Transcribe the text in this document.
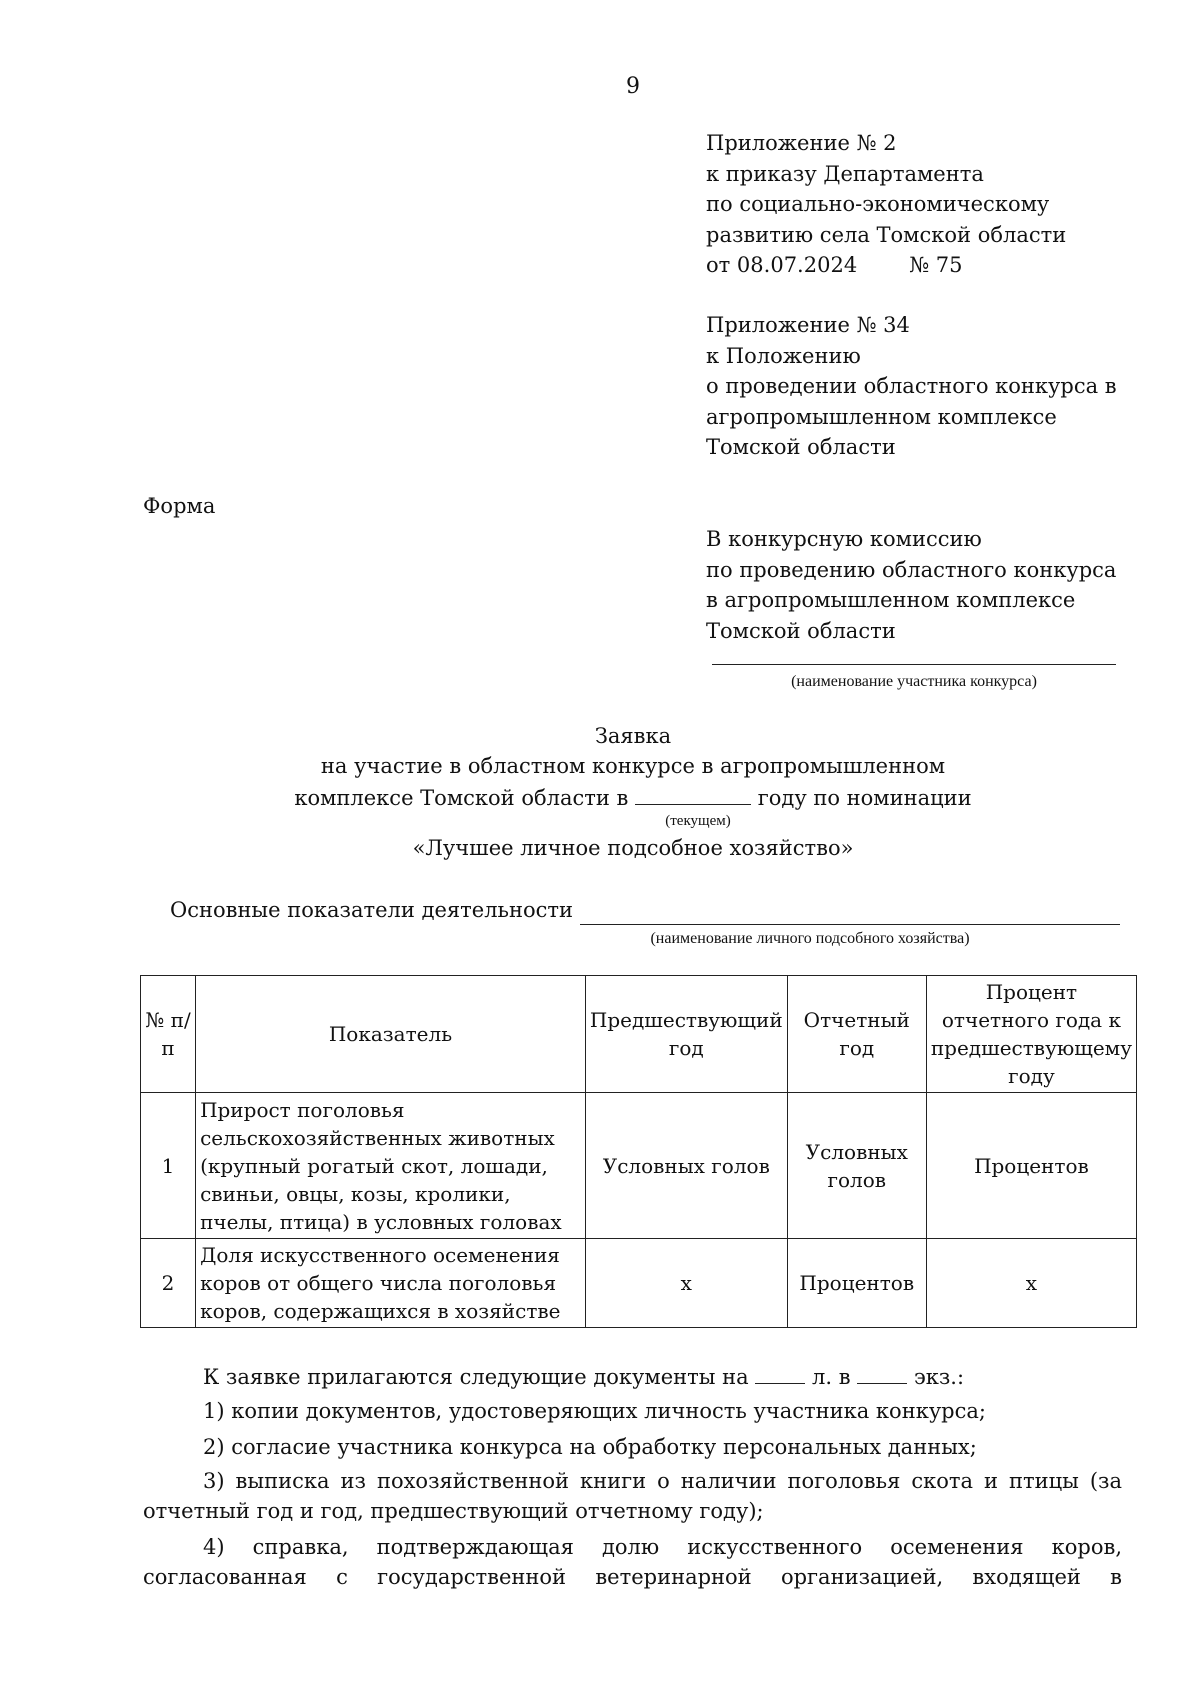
9
Приложение № 2
к приказу Департамента
по социально-экономическому
развитию села Томской области
от 08.07.2024 № 75
Приложение № 34
к Положению
о проведении областного конкурса в
агропромышленном комплексе
Томской области
Форма
В конкурсную комиссию
по проведению областного конкурса
в агропромышленном комплексе
Томской области
(наименование участника конкурса)
Заявка
на участие в областном конкурсе в агропромышленном
комплексе Томской области в	году по номинации
(текущем)
«Лучшее личное подсобное хозяйство»
Основные показатели деятельности
(наименование личного подсобного хозяйства)
№ п/п	Показатель	Предшествующий год	Отчетный год	Процент отчетного года к предшествующему году
1	Прирост поголовья сельскохозяйственных животных (крупный рогатый скот, лошади, свиньи, овцы, козы, кролики, пчелы, птица) в условных головах	Условных голов	Условных голов	Процентов
2	Доля искусственного осеменения коров от общего числа поголовья коров, содержащихся в хозяйстве	х	Процентов	х
К заявке прилагаются следующие документы на	л. в	экз.:
1) копии документов, удостоверяющих личность участника конкурса;
2) согласие участника конкурса на обработку персональных данных;
3) выписка из похозяйственной книги о наличии поголовья скота и птицы (за отчетный год и год, предшествующий отчетному году);
4) справка, подтверждающая долю искусственного осеменения коров, согласованная с государственной ветеринарной организацией, входящей в
